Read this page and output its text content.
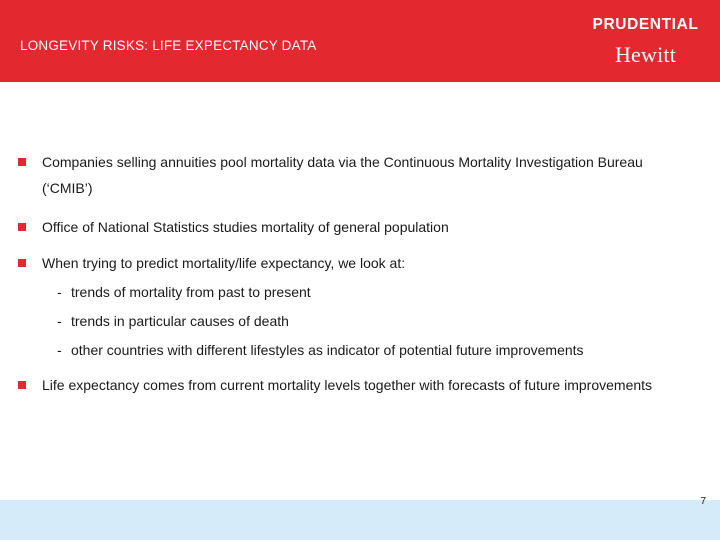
LONGEVITY RISKS: LIFE EXPECTANCY DATA
PRUDENTIAL
Hewitt
Companies selling annuities pool mortality data via the Continuous Mortality Investigation Bureau (‘CMIB’)
Office of National Statistics studies mortality of general population
When trying to predict mortality/life expectancy, we look at:
- trends of mortality from past to present
- trends in particular causes of death
- other countries with different lifestyles as indicator of potential future improvements
Life expectancy comes from current mortality levels together with forecasts of future improvements
7
